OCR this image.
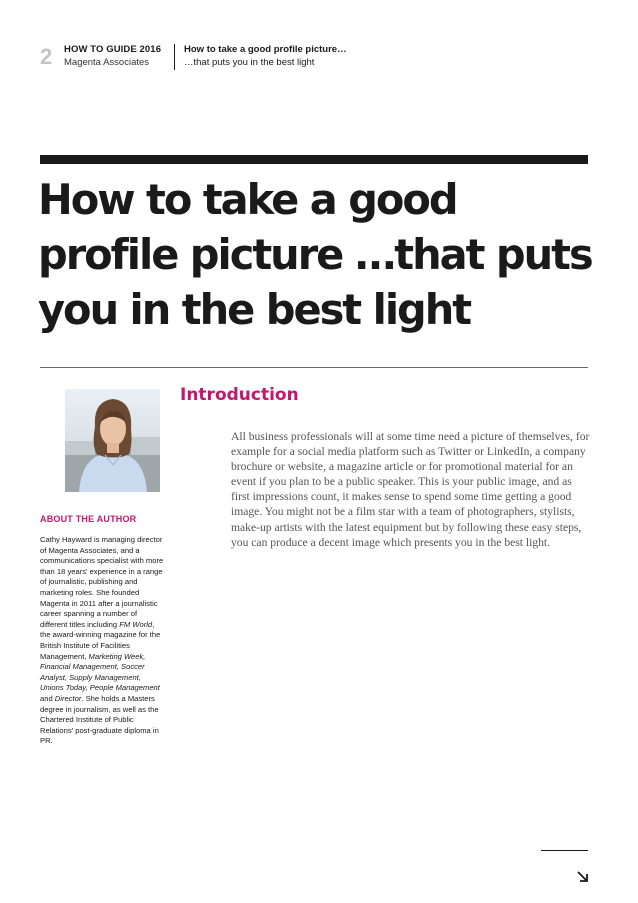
2 HOW TO GUIDE 2016
Magenta Associates
How to take a good profile picture…
…that puts you in the best light
How to take a good profile picture …that puts you in the best light
ABOUT THE AUTHOR
Cathy Hayward is managing director of Magenta Associates, and a communications specialist with more than 18 years' experience in a range of journalistic, publishing and marketing roles. She founded Magenta in 2011 after a journalistic career spanning a number of different titles including FM World, the award-winning magazine for the British Institute of Facilities Management, Marketing Week, Financial Management, Soccer Analyst, Supply Management, Unions Today, People Management and Director. She holds a Masters degree in journalism, as well as the Chartered Institute of Public Relations' post-graduate diploma in PR.
Introduction
All business professionals will at some time need a picture of themselves, for example for a social media platform such as Twitter or LinkedIn, a company brochure or website, a magazine article or for promotional material for an event if you plan to be a public speaker. This is your public image, and as first impressions count, it makes sense to spend some time getting a good image. You might not be a film star with a team of photographers, stylists, make-up artists with the latest equipment but by following these easy steps, you can produce a decent image which presents you in the best light.
